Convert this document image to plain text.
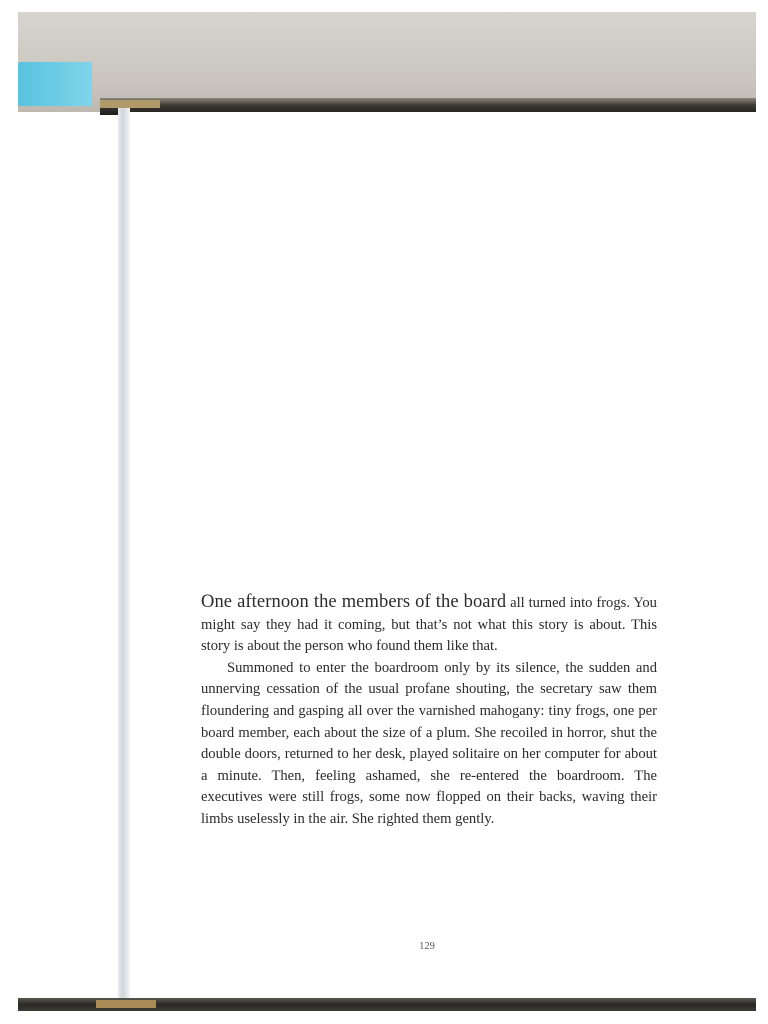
One afternoon the members of the board all turned into frogs. You might say they had it coming, but that’s not what this story is about. This story is about the person who found them like that.

Summoned to enter the boardroom only by its silence, the sudden and unnerving cessation of the usual profane shouting, the secretary saw them floundering and gasping all over the varnished mahogany: tiny frogs, one per board member, each about the size of a plum. She recoiled in horror, shut the double doors, returned to her desk, played solitaire on her computer for about a minute. Then, feeling ashamed, she re-entered the boardroom. The executives were still frogs, some now flopped on their backs, waving their limbs uselessly in the air. She righted them gently.

129
